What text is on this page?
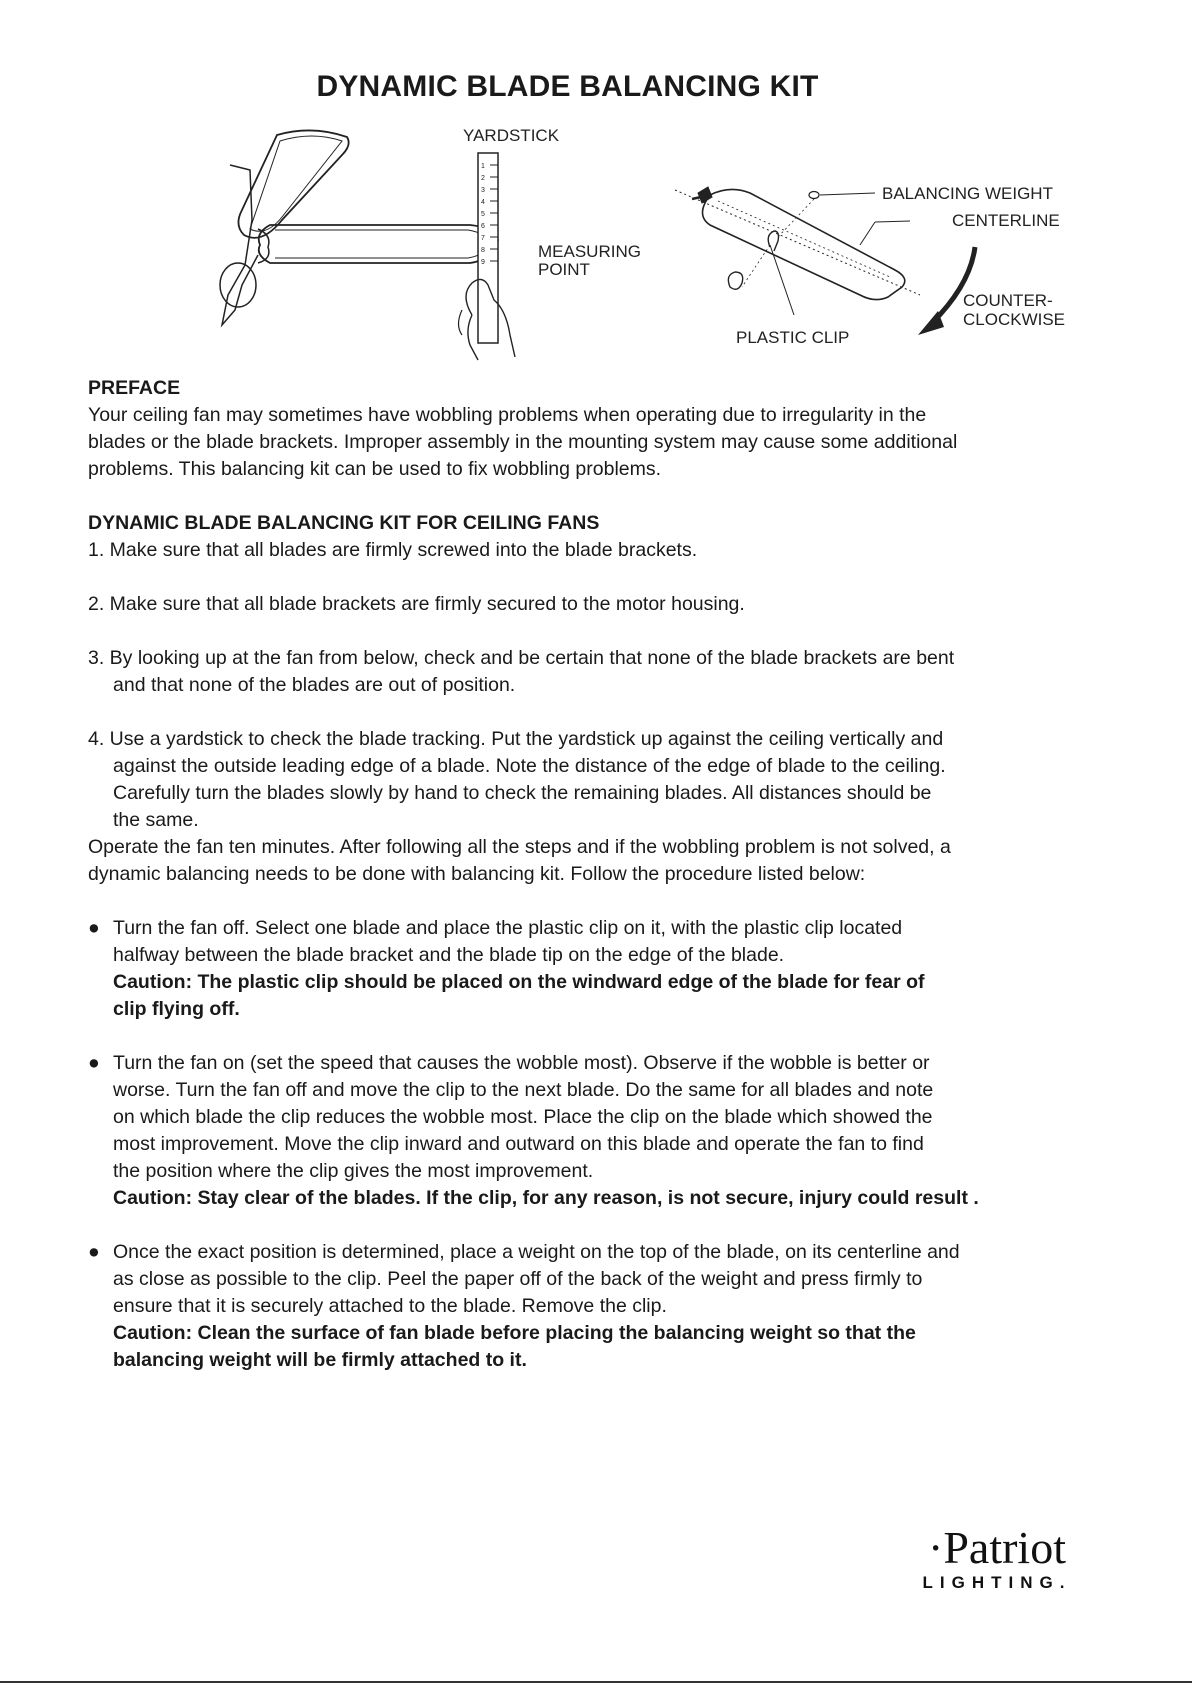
DYNAMIC BLADE BALANCING KIT
1
2
3
4
5
6
7
8
9
YARDSTICK
MEASURING
POINT
BALANCING WEIGHT
CENTERLINE
COUNTER-
CLOCKWISE
PLASTIC CLIP

PREFACE

Your ceiling fan may sometimes have wobbling problems when operating due to irregularity in the

blades or the blade brackets. Improper assembly in the mounting system may cause some additional

problems. This balancing kit can be used to fix wobbling problems.

DYNAMIC BLADE BALANCING KIT FOR CEILING FANS

1. Make sure that all blades are firmly screwed into the blade brackets.

2. Make sure that all blade brackets are firmly secured to the motor housing.

3. By looking up at the fan from below, check and be certain that none of the blade brackets are bent

and that none of the blades are out of position.

4. Use a yardstick to check the blade tracking. Put the yardstick up against the ceiling vertically and

against the outside leading edge of a blade. Note the distance of the edge of blade to the ceiling.

Carefully turn the blades slowly by hand to check the remaining blades. All distances should be

the same.

Operate the fan ten minutes. After following all the steps and if the wobbling problem is not solved, a

dynamic balancing needs to be done with balancing kit. Follow the procedure listed below:

● Turn the fan off. Select one blade and place the plastic clip on it, with the plastic clip located

halfway between the blade bracket and the blade tip on the edge of the blade.

Caution: The plastic clip should be placed on the windward edge of the blade for fear of

clip flying off.

● Turn the fan on (set the speed that causes the wobble most). Observe if the wobble is better or

worse. Turn the fan off and move the clip to the next blade. Do the same for all blades and note

on which blade the clip reduces the wobble most. Place the clip on the blade which showed the

most improvement. Move the clip inward and outward on this blade and operate the fan to find

the position where the clip gives the most improvement.

Caution: Stay clear of the blades. If the clip, for any reason, is not secure, injury could result .

● Once the exact position is determined, place a weight on the top of the blade, on its centerline and

as close as possible to the clip. Peel the paper off of the back of the weight and press firmly to

ensure that it is securely attached to the blade. Remove the clip.

Caution: Clean the surface of fan blade before placing the balancing weight so that the

balancing weight will be firmly attached to it.

·Patriot
LIGHTING.
